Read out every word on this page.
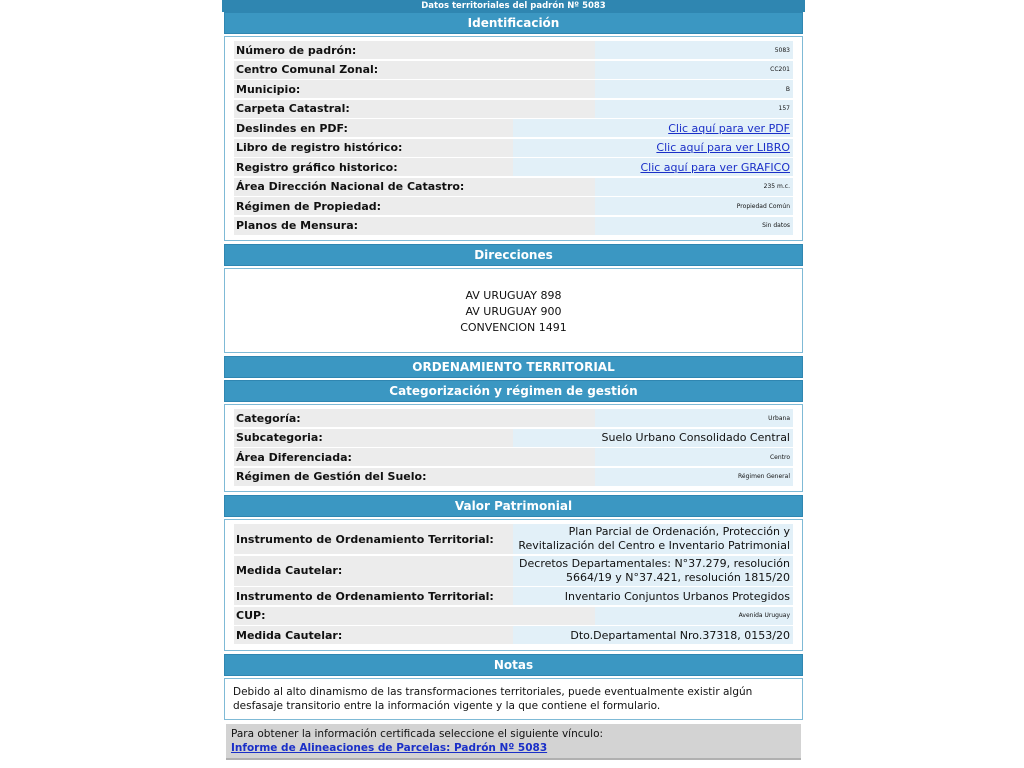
Datos territoriales del padrón Nº 5083
Identificación
Número de padrón:	5083
Centro Comunal Zonal:	CC201
Municipio:	B
Carpeta Catastral:	157
Deslindes en PDF:	Clic aquí para ver PDF
Libro de registro histórico:	Clic aquí para ver LIBRO
Registro gráfico historico:	Clic aquí para ver GRAFICO
Área Dirección Nacional de Catastro:	235 m.c.
Régimen de Propiedad:	Propiedad Común
Planos de Mensura:	Sin datos
Direcciones
AV URUGUAY 898
AV URUGUAY 900
CONVENCION 1491
ORDENAMIENTO TERRITORIAL
Categorización y régimen de gestión
Categoría:	Urbana
Subcategoria:	Suelo Urbano Consolidado Central
Área Diferenciada:	Centro
Régimen de Gestión del Suelo:	Régimen General
Valor Patrimonial
Instrumento de Ordenamiento Territorial:
Plan Parcial de Ordenación, Protección y
Revitalización del Centro e Inventario Patrimonial
Medida Cautelar:
Decretos Departamentales: N°37.279, resolución
5664/19 y N°37.421, resolución 1815/20
Instrumento de Ordenamiento Territorial:	Inventario Conjuntos Urbanos Protegidos
CUP:	Avenida Uruguay
Medida Cautelar:	Dto.Departamental Nro.37318, 0153/20
Notas
Debido al alto dinamismo de las transformaciones territoriales, puede eventualmente existir algún desfasaje transitorio entre la información vigente y la que contiene el formulario.
Para obtener la información certificada seleccione el siguiente vínculo:
Informe de Alineaciones de Parcelas: Padrón Nº 5083
